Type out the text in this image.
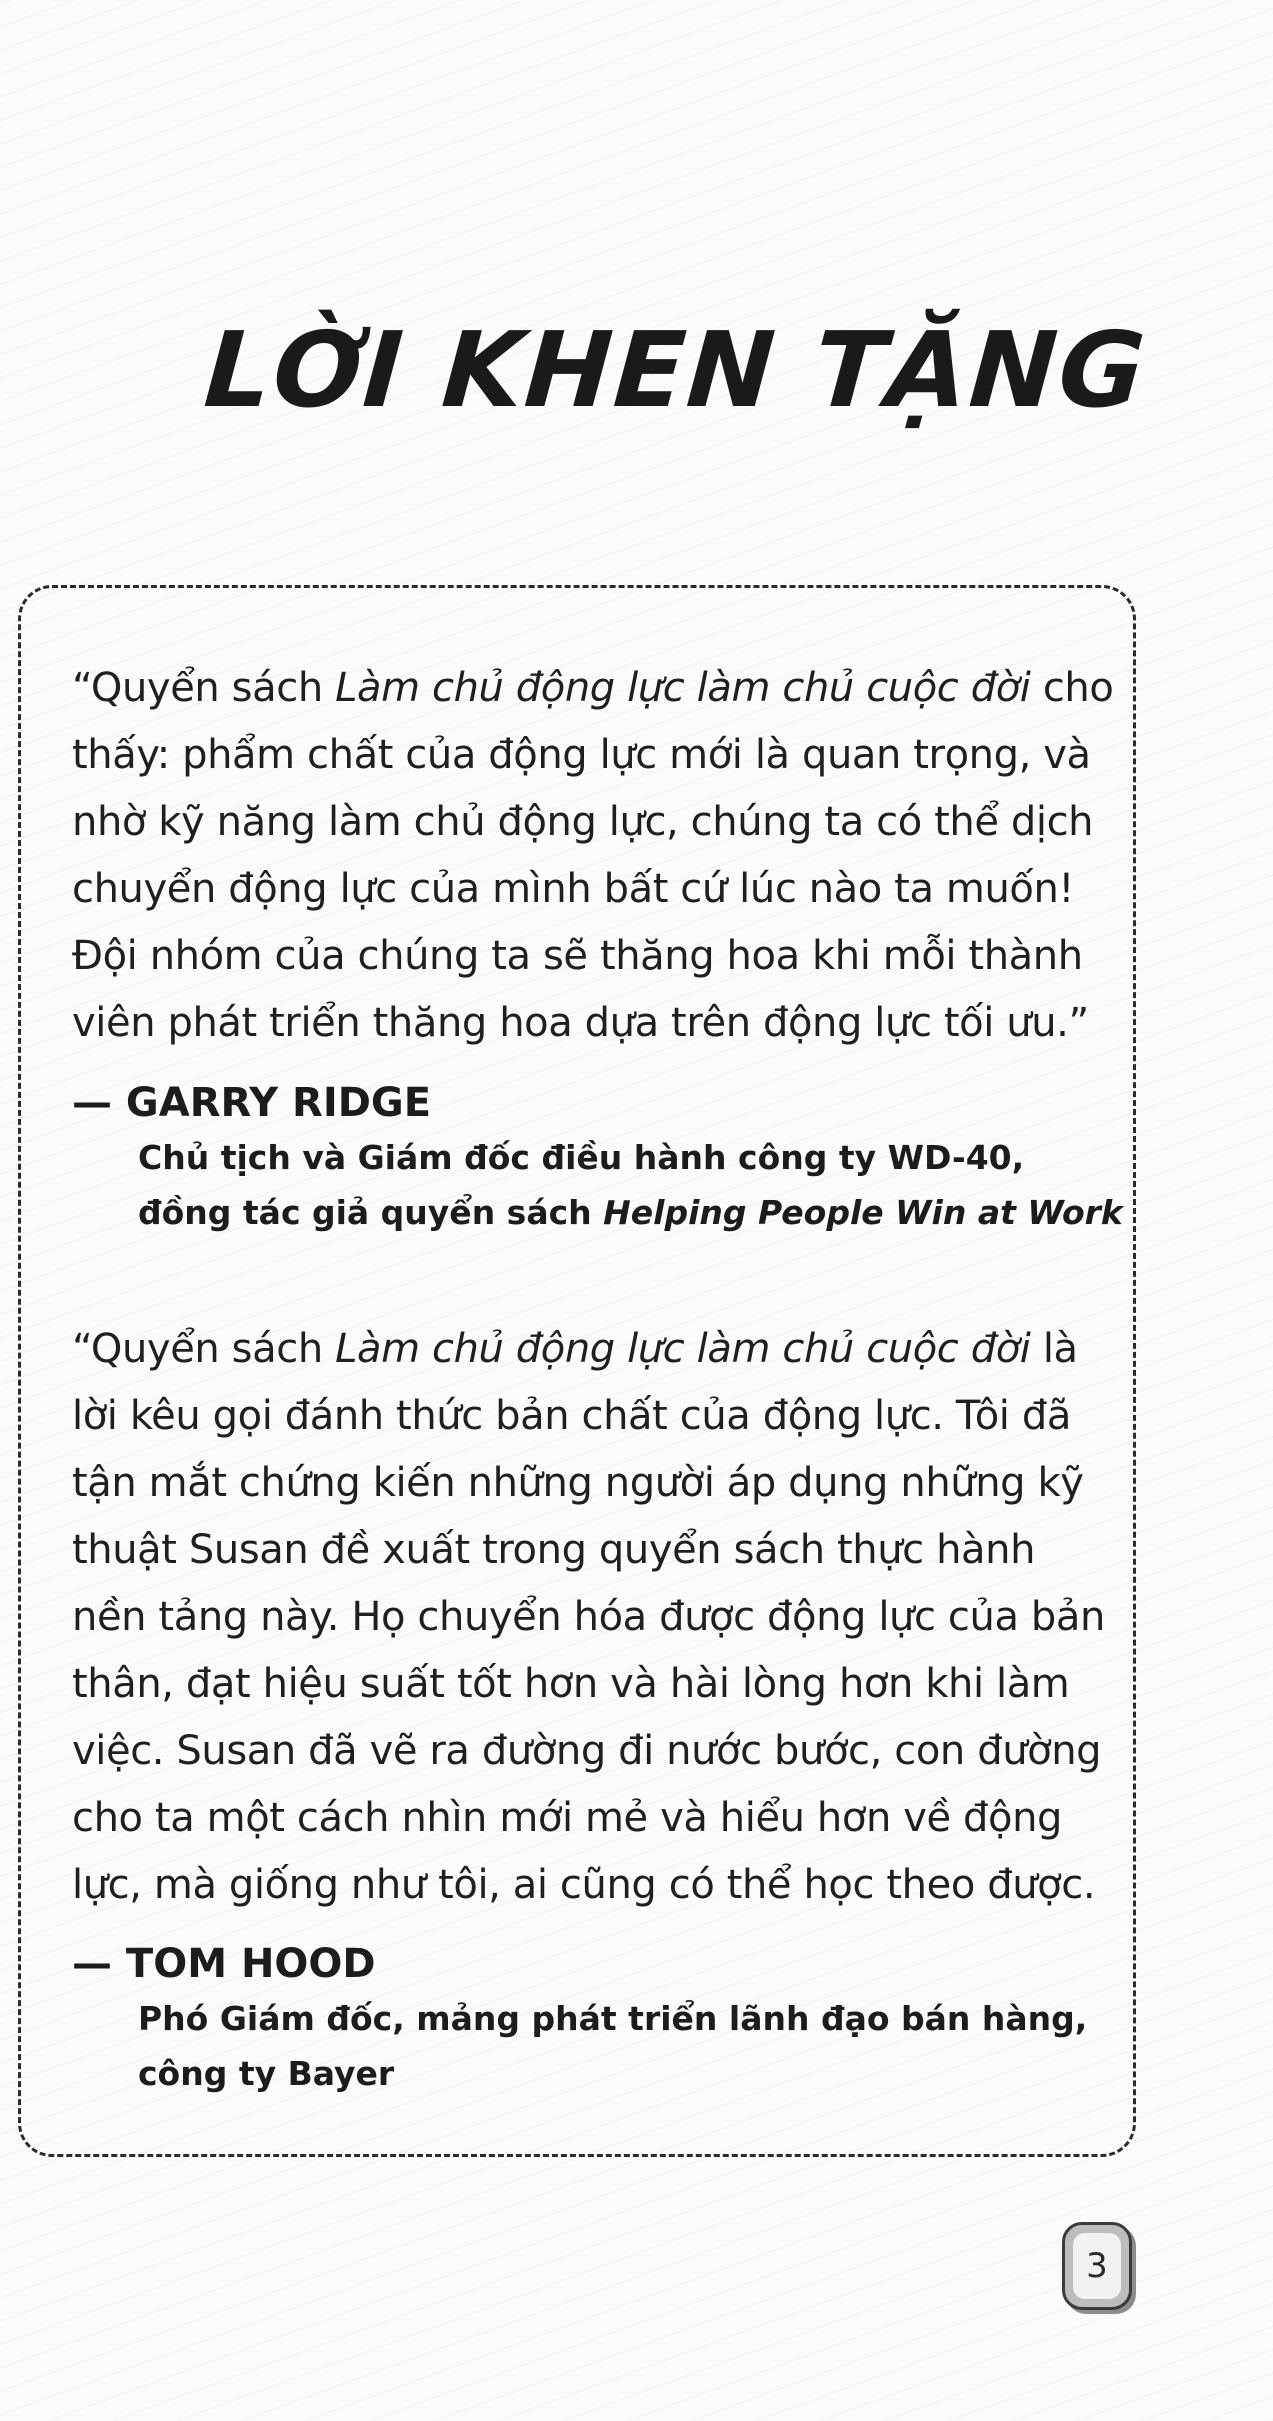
LỜI KHEN TẶNG

“Quyển sách Làm chủ động lực làm chủ cuộc đời cho
thấy: phẩm chất của động lực mới là quan trọng, và
nhờ kỹ năng làm chủ động lực, chúng ta có thể dịch
chuyển động lực của mình bất cứ lúc nào ta muốn!
Đội nhóm của chúng ta sẽ thăng hoa khi mỗi thành
viên phát triển thăng hoa dựa trên động lực tối ưu.”

— GARRY RIDGE

Chủ tịch và Giám đốc điều hành công ty WD-40,
đồng tác giả quyển sách Helping People Win at Work

“Quyển sách Làm chủ động lực làm chủ cuộc đời là
lời kêu gọi đánh thức bản chất của động lực. Tôi đã
tận mắt chứng kiến những người áp dụng những kỹ
thuật Susan đề xuất trong quyển sách thực hành
nền tảng này. Họ chuyển hóa được động lực của bản
thân, đạt hiệu suất tốt hơn và hài lòng hơn khi làm
việc. Susan đã vẽ ra đường đi nước bước, con đường
cho ta một cách nhìn mới mẻ và hiểu hơn về động
lực, mà giống như tôi, ai cũng có thể học theo được.

— TOM HOOD

Phó Giám đốc, mảng phát triển lãnh đạo bán hàng,
công ty Bayer

3
